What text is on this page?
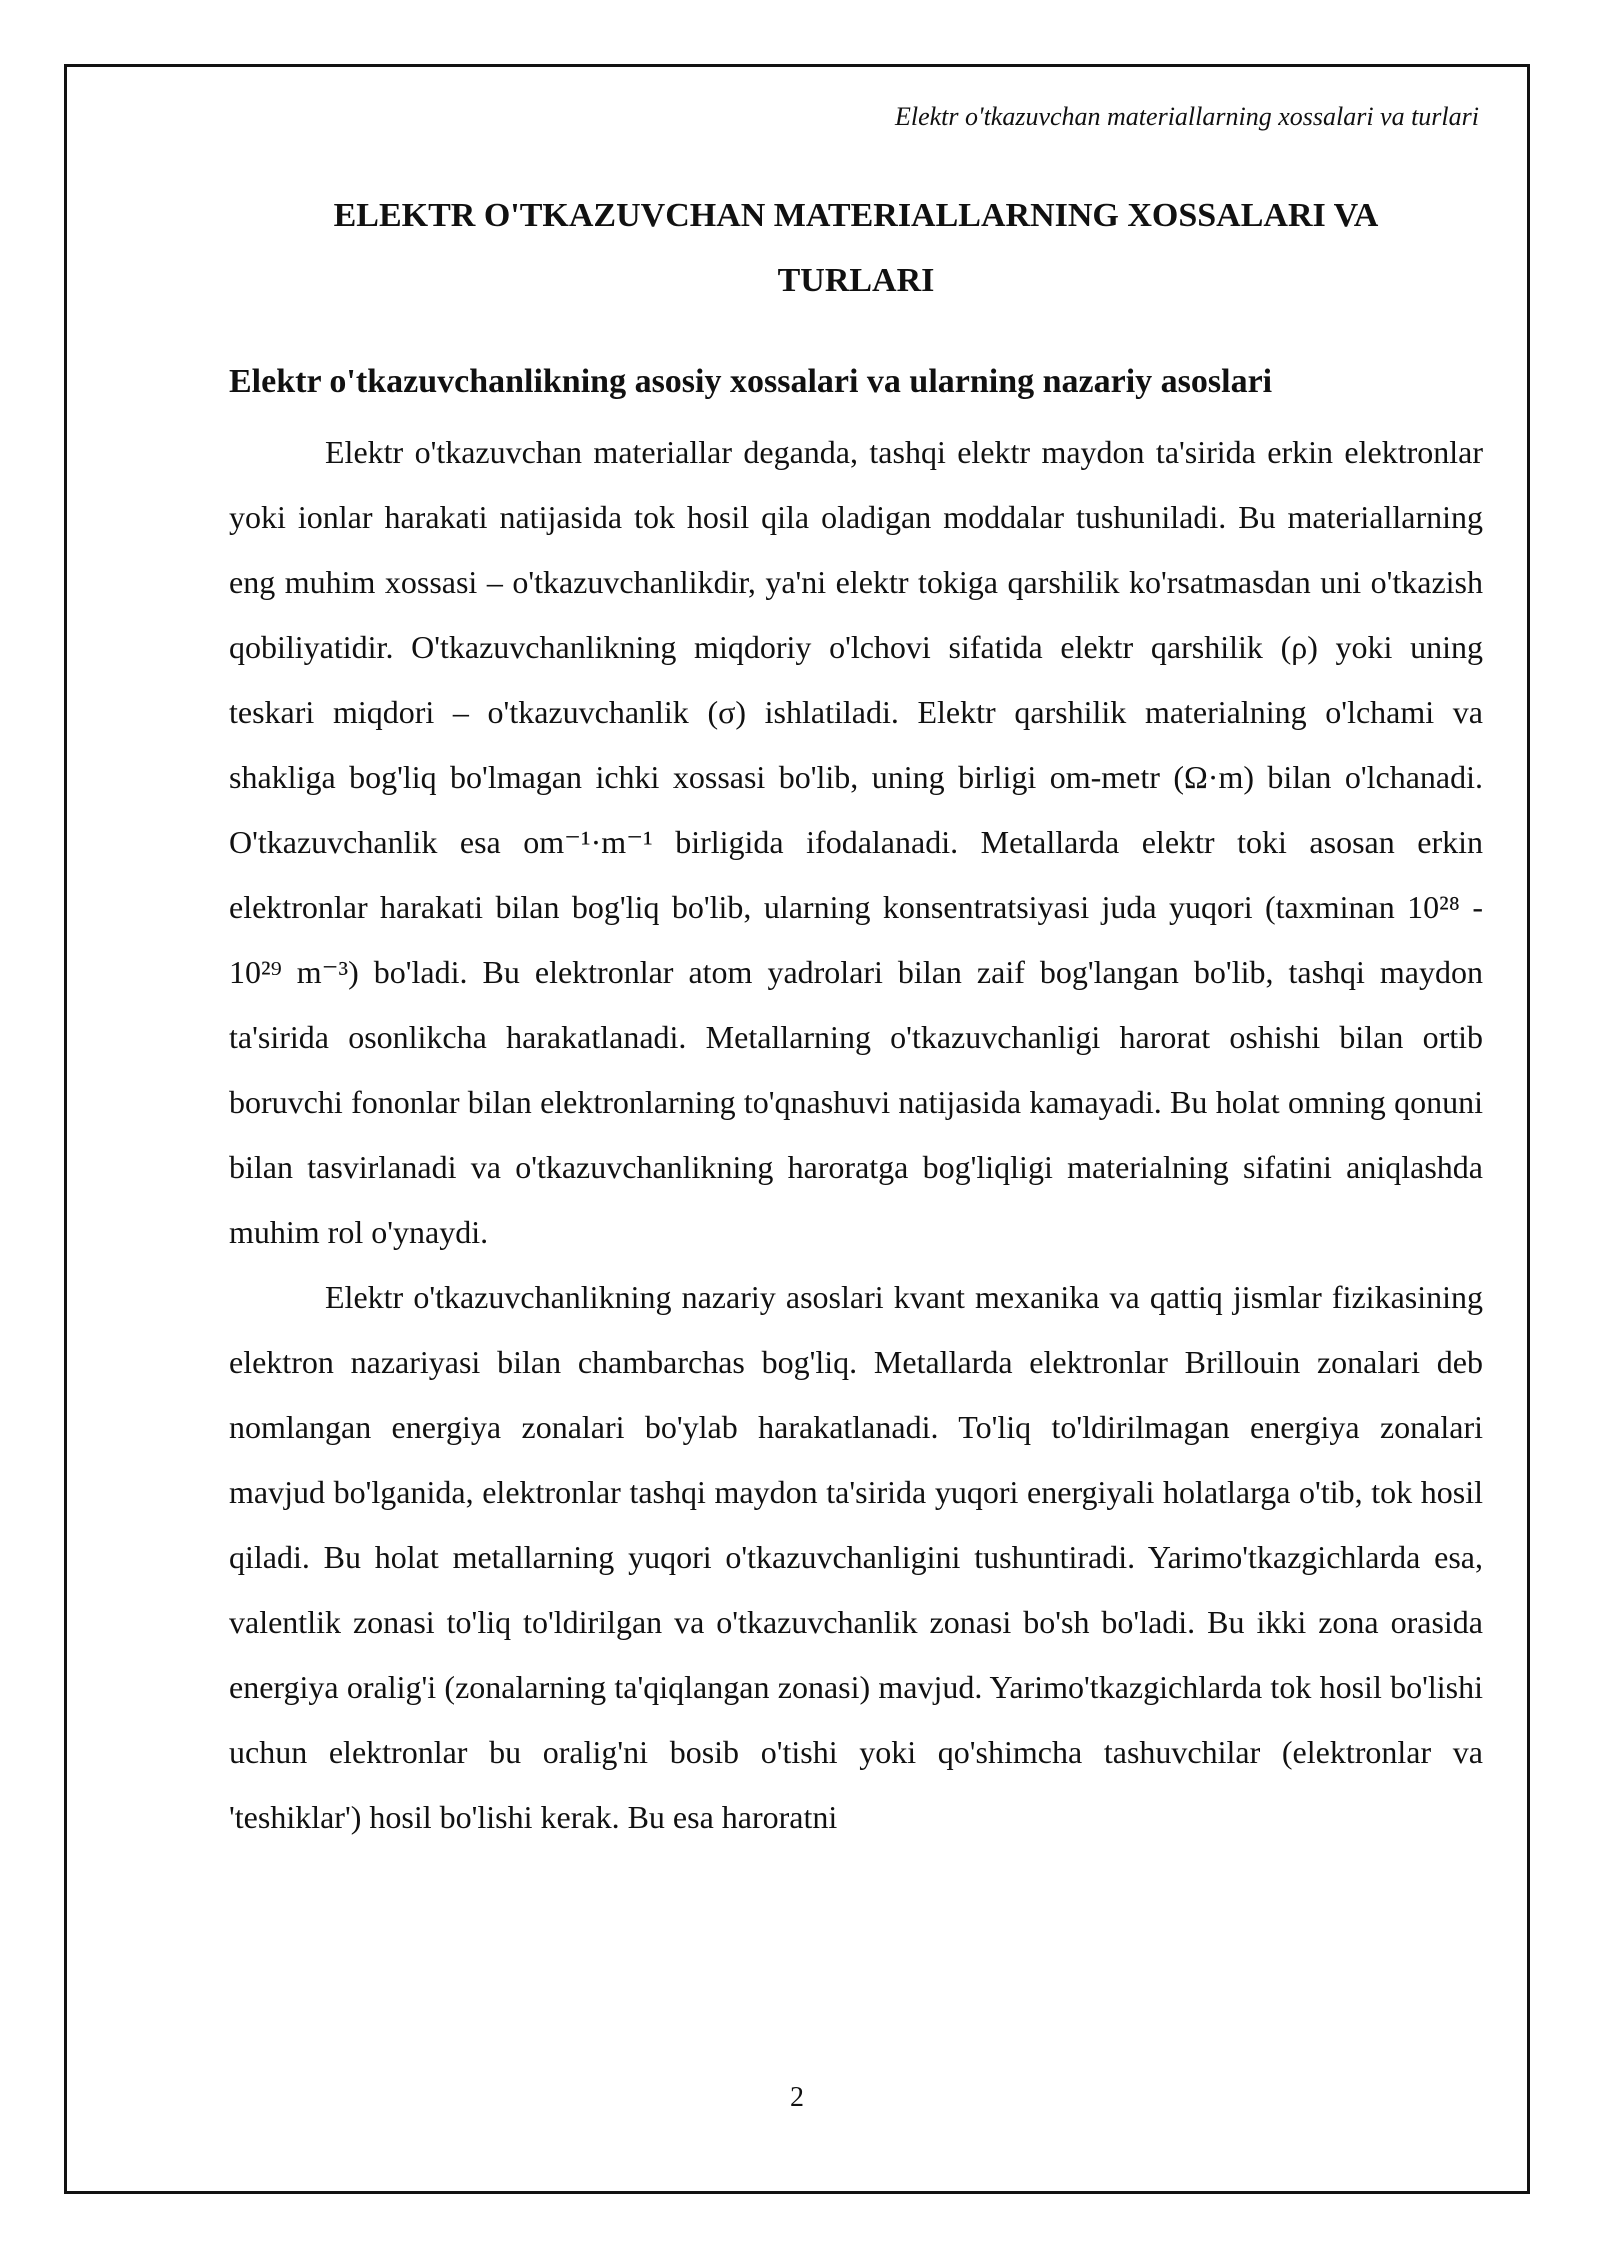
Elektr o'tkazuvchan materiallarning xossalari va turlari
ELEKTR O'TKAZUVCHAN MATERIALLARNING XOSSALARI VA TURLARI
Elektr o'tkazuvchanlikning asosiy xossalari va ularning nazariy asoslari

Elektr o'tkazuvchan materiallar deganda, tashqi elektr maydon ta'sirida erkin elektronlar yoki ionlar harakati natijasida tok hosil qila oladigan moddalar tushuniladi. Bu materiallarning eng muhim xossasi – o'tkazuvchanlikdir, ya'ni elektr tokiga qarshilik ko'rsatmasdan uni o'tkazish qobiliyatidir. O'tkazuvchanlikning miqdoriy o'lchovi sifatida elektr qarshilik (ρ) yoki uning teskari miqdori – o'tkazuvchanlik (σ) ishlatiladi. Elektr qarshilik materialning o'lchami va shakliga bog'liq bo'lmagan ichki xossasi bo'lib, uning birligi om-metr (Ω·m) bilan o'lchanadi. O'tkazuvchanlik esa om⁻¹·m⁻¹ birligida ifodalanadi. Metallarda elektr toki asosan erkin elektronlar harakati bilan bog'liq bo'lib, ularning konsentratsiyasi juda yuqori (taxminan 10²⁸ - 10²⁹ m⁻³) bo'ladi. Bu elektronlar atom yadrolari bilan zaif bog'langan bo'lib, tashqi maydon ta'sirida osonlikcha harakatlanadi. Metallarning o'tkazuvchanligi harorat oshishi bilan ortib boruvchi fononlar bilan elektronlarning to'qnashuvi natijasida kamayadi. Bu holat omning qonuni bilan tasvirlanadi va o'tkazuvchanlikning haroratga bog'liqligi materialning sifatini aniqlashda muhim rol o'ynaydi.

Elektr o'tkazuvchanlikning nazariy asoslari kvant mexanika va qattiq jismlar fizikasining elektron nazariyasi bilan chambarchas bog'liq. Metallarda elektronlar Brillouin zonalari deb nomlangan energiya zonalari bo'ylab harakatlanadi. To'liq to'ldirilmagan energiya zonalari mavjud bo'lganida, elektronlar tashqi maydon ta'sirida yuqori energiyali holatlarga o'tib, tok hosil qiladi. Bu holat metallarning yuqori o'tkazuvchanligini tushuntiradi. Yarimo'tkazgichlarda esa, valentlik zonasi to'liq to'ldirilgan va o'tkazuvchanlik zonasi bo'sh bo'ladi. Bu ikki zona orasida energiya oralig'i (zonalarning ta'qiqlangan zonasi) mavjud. Yarimo'tkazgichlarda tok hosil bo'lishi uchun elektronlar bu oralig'ni bosib o'tishi yoki qo'shimcha tashuvchilar (elektronlar va 'teshiklar') hosil bo'lishi kerak. Bu esa haroratni

2
